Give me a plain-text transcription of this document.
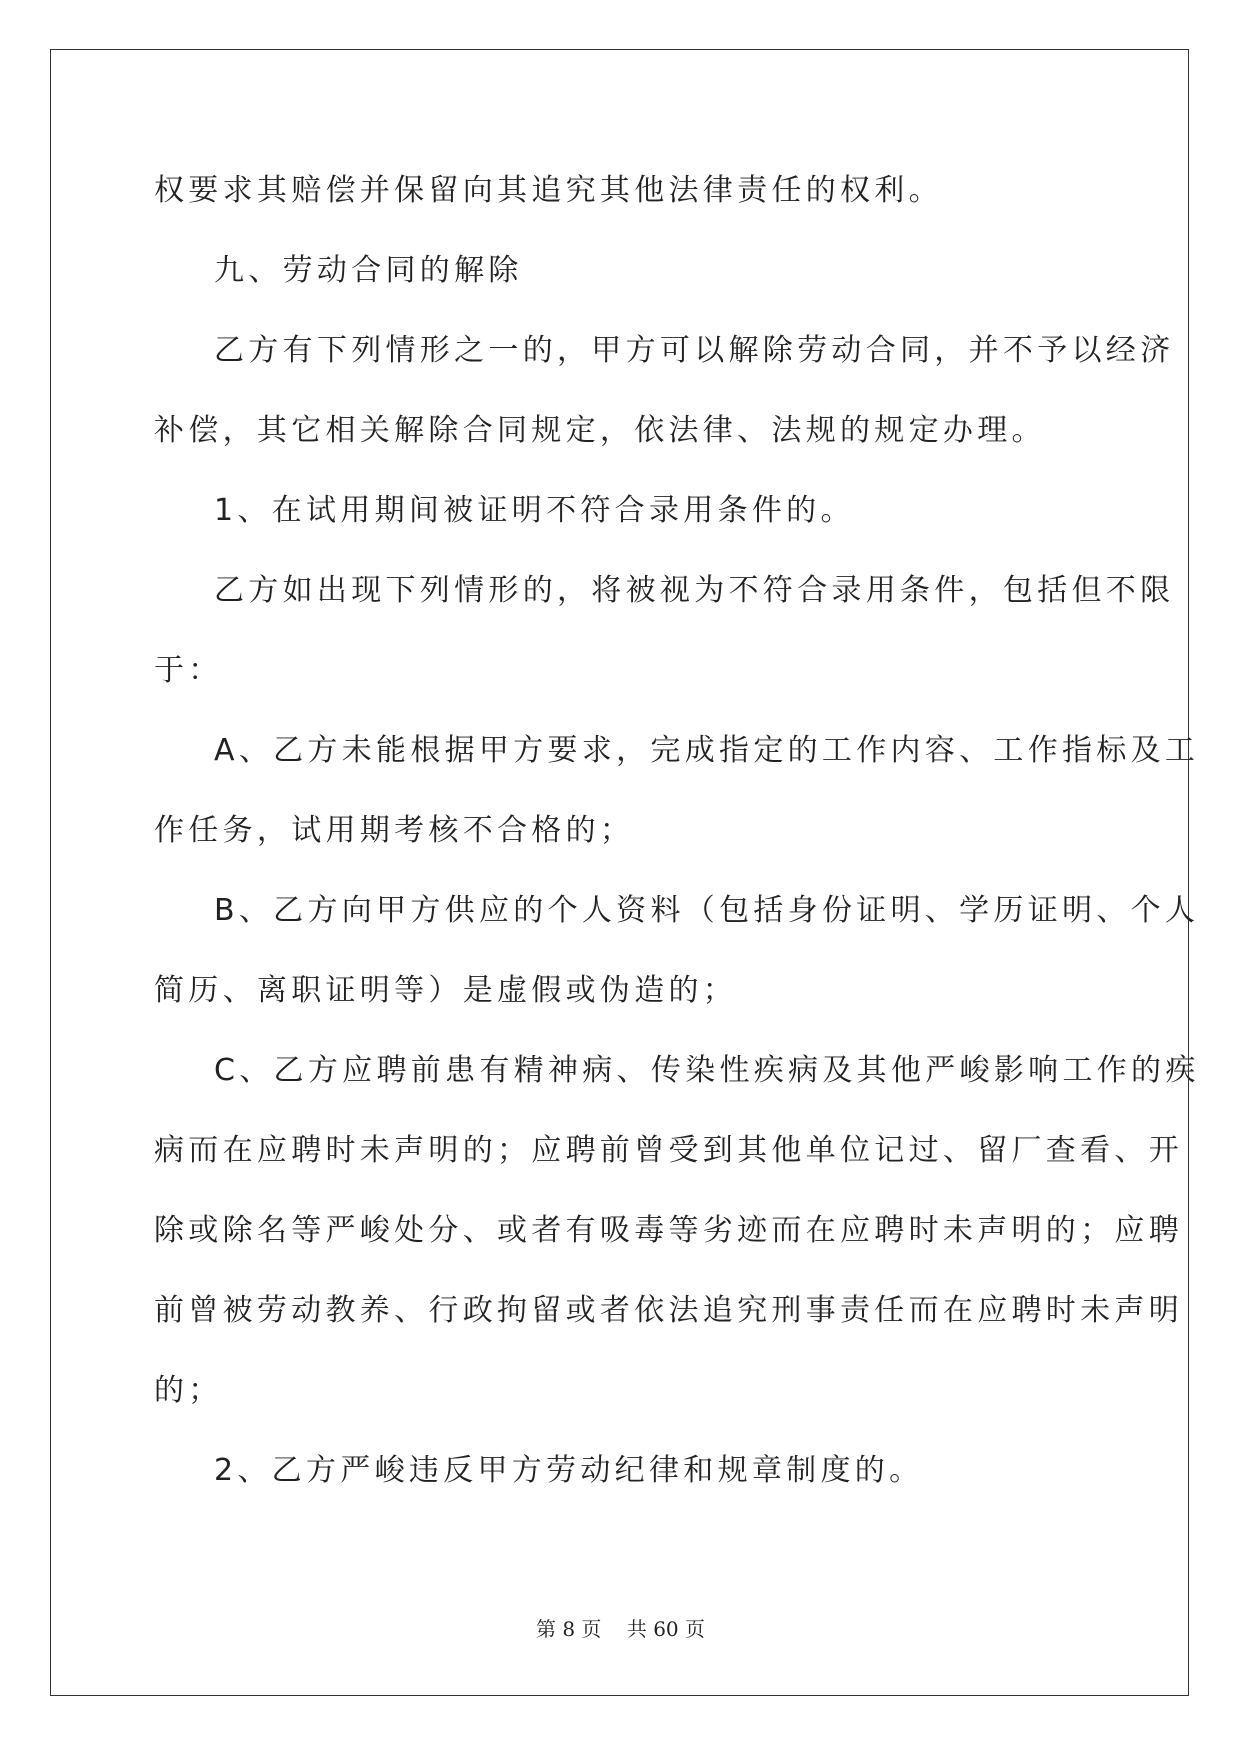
权要求其赔偿并保留向其追究其他法律责任的权利。
九、劳动合同的解除
乙方有下列情形之一的，甲方可以解除劳动合同，并不予以经济
补偿，其它相关解除合同规定，依法律、法规的规定办理。
1、在试用期间被证明不符合录用条件的。
乙方如出现下列情形的，将被视为不符合录用条件，包括但不限
于：
A、乙方未能根据甲方要求，完成指定的工作内容、工作指标及工
作任务，试用期考核不合格的；
B、乙方向甲方供应的个人资料（包括身份证明、学历证明、个人
简历、离职证明等）是虚假或伪造的；
C、乙方应聘前患有精神病、传染性疾病及其他严峻影响工作的疾
病而在应聘时未声明的；应聘前曾受到其他单位记过、留厂查看、开
除或除名等严峻处分、或者有吸毒等劣迹而在应聘时未声明的；应聘
前曾被劳动教养、行政拘留或者依法追究刑事责任而在应聘时未声明
的；
2、乙方严峻违反甲方劳动纪律和规章制度的。
第 8 页    共 60 页
